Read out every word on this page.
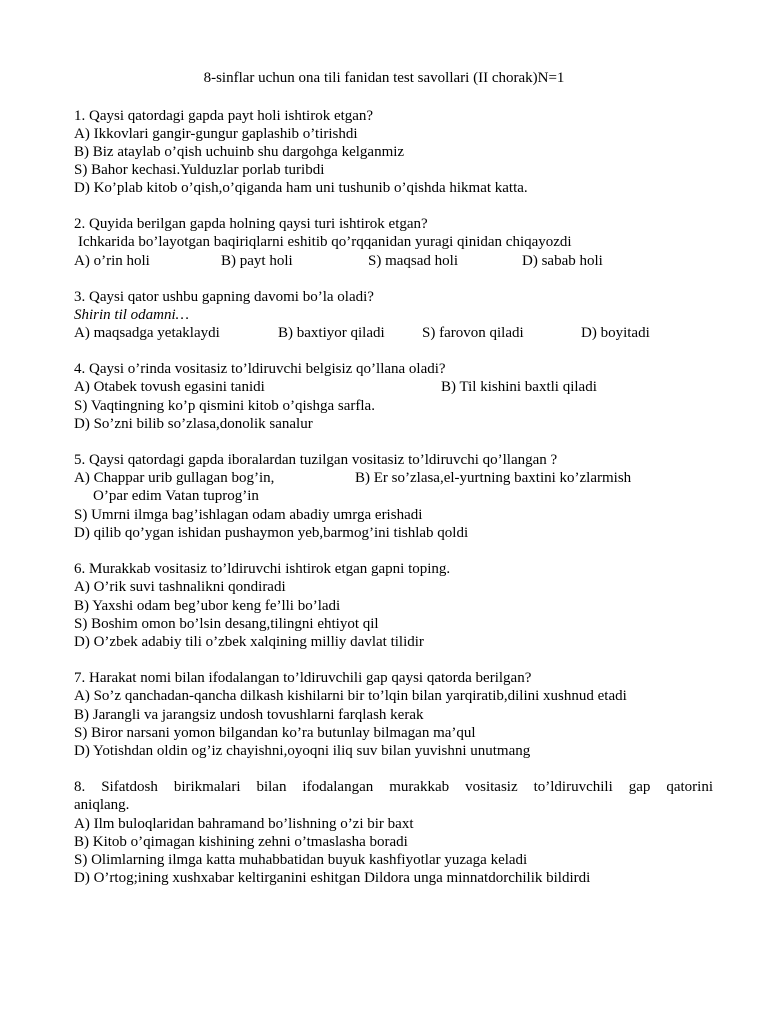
8-sinflar uchun ona tili fanidan test savollari (II chorak)N=1
1. Qaysi qatordagi gapda payt holi ishtirok etgan?
A) Ikkovlari gangir-gungur gaplashib o’tirishdi
B) Biz ataylab o’qish uchuinb shu dargohga kelganmiz
S) Bahor kechasi.Yulduzlar porlab turibdi
D) Ko’plab kitob o’qish,o’qiganda ham uni tushunib o’qishda hikmat katta.
2. Quyida berilgan gapda holning qaysi turi ishtirok etgan?
Ichkarida bo’layotgan baqiriqlarni eshitib qo’rqqanidan yuragi qinidan chiqayozdi
A) o’rin holi	B) payt holi	S) maqsad holi	D) sabab holi
3. Qaysi qator ushbu gapning davomi bo’la oladi?
Shirin til odamni…
A) maqsadga yetaklaydi	B) baxtiyor qiladi S) farovon qiladi	D) boyitadi
4. Qaysi o’rinda vositasiz to’ldiruvchi belgisiz qo’llana oladi?
A) Otabek tovush egasini tanidi	B) Til kishini baxtli qiladi
S) Vaqtingning ko’p qismini kitob o’qishga sarfla.
D) So’zni bilib so’zlasa,donolik sanalur
5. Qaysi qatordagi gapda iboralardan tuzilgan vositasiz to’ldiruvchi qo’llangan ?
A) Chappar urib gullagan bog’in,	B) Er so’zlasa,el-yurtning baxtini ko’zlarmish
O’par edim Vatan tuprog’in
S) Umrni ilmga bag’ishlagan odam abadiy umrga erishadi
D) qilib qo’ygan ishidan pushaymon yeb,barmog’ini tishlab qoldi
6. Murakkab vositasiz to’ldiruvchi ishtirok etgan gapni toping.
A) O’rik suvi tashnalikni qondiradi
B) Yaxshi odam beg’ubor keng fe’lli bo’ladi
S) Boshim omon bo’lsin desang,tilingni ehtiyot qil
D) O’zbek adabiy tili o’zbek xalqining milliy davlat tilidir
7. Harakat nomi bilan ifodalangan to’ldiruvchili gap qaysi qatorda berilgan?
A) So’z qanchadan-qancha dilkash kishilarni bir to’lqin bilan yarqiratib,dilini xushnud etadi
B) Jarangli va jarangsiz undosh tovushlarni farqlash kerak
S) Biror narsani yomon bilgandan ko’ra butunlay bilmagan ma’qul
D) Yotishdan oldin og’iz chayishni,oyoqni iliq suv bilan yuvishni unutmang
8. Sifatdosh birikmalari bilan ifodalangan murakkab vositasiz to’ldiruvchili gap qatorini
aniqlang.
A) Ilm buloqlaridan bahramand bo’lishning o’zi bir baxt
B) Kitob o’qimagan kishining zehni o’tmaslasha boradi
S) Olimlarning ilmga katta muhabbatidan buyuk kashfiyotlar yuzaga keladi
D) O’rtog;ining xushxabar keltirganini eshitgan Dildora unga minnatdorchilik bildirdi
